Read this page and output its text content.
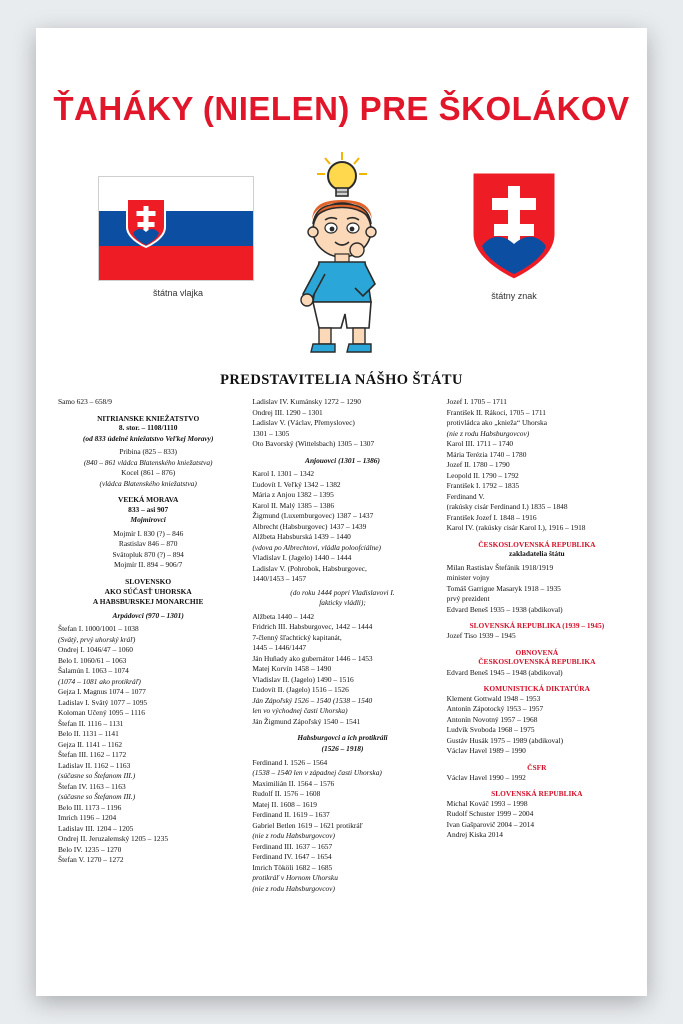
ŤAHÁKY (NIELEN) PRE ŠKOLÁKOV
štátna vlajka	štátny znak
PREDSTAVITELIA NÁŠHO ŠTÁTU

Samo 623 – 658/9

NITRIANSKE KNIEŽATSTVO

8. stor. – 1108/1110

(od 833 údelné kniežatstvo Veľkej Moravy)

Pribina (825 – 833)

(840 – 861 vládca Blatenského kniežatstva)

Kocel (861 – 876)

(vládca Blatenského kniežatstva)

VEĽKÁ MORAVA

833 – asi 907

Mojmírovci

Mojmír I. 830 (?) – 846

Rastislav 846 – 870

Svätopluk 870 (?) – 894

Mojmír II. 894 – 906/7

SLOVENSKO

AKO SÚČASŤ UHORSKA

A HABSBURSKEJ MONARCHIE

Arpádovci (970 – 1301)

Štefan I. 1000/1001 – 1038

(Svätý, prvý uhorský kráľ)

Ondrej I. 1046/47 – 1060

Belo I. 1060/61 – 1063

Šalamún I. 1063 – 1074

(1074 – 1081 ako protikráľ)

Gejza I. Magnus 1074 – 1077

Ladislav I. Svätý 1077 – 1095

Koloman Učený 1095 – 1116

Štefan II. 1116 – 1131

Belo II. 1131 – 1141

Gejza II. 1141 – 1162

Štefan III. 1162 – 1172

Ladislav II. 1162 – 1163

(súčasne so Štefanom III.)

Štefan IV. 1163 – 1163

(súčasne so Štefanom III.)

Belo III. 1173 – 1196

Imrich 1196 – 1204

Ladislav III. 1204 – 1205

Ondrej II. Jeruzalemský 1205 – 1235

Belo IV. 1235 – 1270

Štefan V. 1270 – 1272

Ladislav IV. Kumánsky 1272 – 1290

Ondrej III. 1290 – 1301

Ladislav V. (Václav, Přemyslovec)

1301 – 1305

Oto Bavorský (Wittelsbach) 1305 – 1307

Anjouovci (1301 – 1386)

Karol I. 1301 – 1342

Ľudovít I. Veľký 1342 – 1382

Mária z Anjou 1382 – 1395

Karol II. Malý 1385 – 1386

Žigmund (Luxemburgovec) 1387 – 1437

Albrecht (Habsburgovec) 1437 – 1439

Alžbeta Habsburská 1439 – 1440

(vdova po Albrechtovi, vládla poloofciálne)

Vladislav I. (Jagelo) 1440 – 1444

Ladislav V. (Pohrobok, Habsburgovec,

1440/1453 – 1457

(do roku 1444 popri Vladislavovi I.

fakticky vládli);

Alžbeta 1440 – 1442

Fridrich III. Habsburgovec, 1442 – 1444

7-členný šľachtický kapitanát,

1445 – 1446/1447

Ján Huňady ako gubernátor 1446 – 1453

Matej Korvín 1458 – 1490

Vladislav II. (Jagelo) 1490 – 1516

Ľudovít II. (Jagelo) 1516 – 1526

Ján Zápoľský 1526 – 1540 (1538 – 1540

len vo východnej časti Uhorska)

Ján Žigmund Zápoľský 1540 – 1541

Habsburgovci a ich protikráli

(1526 – 1918)

Ferdinand I. 1526 – 1564

(1538 – 1540 len v západnej časti Uhorska)

Maximilián II. 1564 – 1576

Rudolf II. 1576 – 1608

Matej II. 1608 – 1619

Ferdinand II. 1619 – 1637

Gabriel Betlen 1619 – 1621 protikráľ

(nie z rodu Habsburgovcov)

Ferdinand III. 1637 – 1657

Ferdinand IV. 1647 – 1654

Imrich Tököli 1682 – 1685

protikráľ v Hornom Uhorsku

(nie z rodu Habsburgovcov)

Jozef I. 1705 – 1711

František II. Rákoci, 1705 – 1711

protivládca ako „knieža“ Uhorska

(nie z rodu Habsburgovcov)

Karol III. 1711 – 1740

Mária Terézia 1740 – 1780

Jozef II. 1780 – 1790

Leopold II. 1790 – 1792

František I. 1792 – 1835

Ferdinand V.

(rakúsky cisár Ferdinand I.) 1835 – 1848

František Jozef I. 1848 – 1916

Karol IV. (rakúsky cisár Karol I.), 1916 – 1918

ČESKOSLOVENSKÁ REPUBLIKA

zakladatelia štátu

Milan Rastislav Štefánik 1918/1919

minister vojny

Tomáš Garrigue Masaryk 1918 – 1935

prvý prezident

Edvard Beneš 1935 – 1938 (abdikoval)

SLOVENSKÁ REPUBLIKA (1939 – 1945)

Jozef Tiso 1939 – 1945

OBNOVENÁ

ČESKOSLOVENSKÁ REPUBLIKA

Edvard Beneš 1945 – 1948 (abdikoval)

KOMUNISTICKÁ DIKTATÚRA

Klement Gottwald 1948 – 1953

Antonín Zápotocký 1953 – 1957

Antonín Novotný 1957 – 1968

Ludvík Svoboda 1968 – 1975

Gustáv Husák 1975 – 1989 (abdikoval)

Václav Havel 1989 – 1990

ČSFR

Václav Havel 1990 – 1992

SLOVENSKÁ REPUBLIKA

Michal Kováč 1993 – 1998

Rudolf Schuster 1999 – 2004

Ivan Gašparovič 2004 – 2014

Andrej Kiska 2014
